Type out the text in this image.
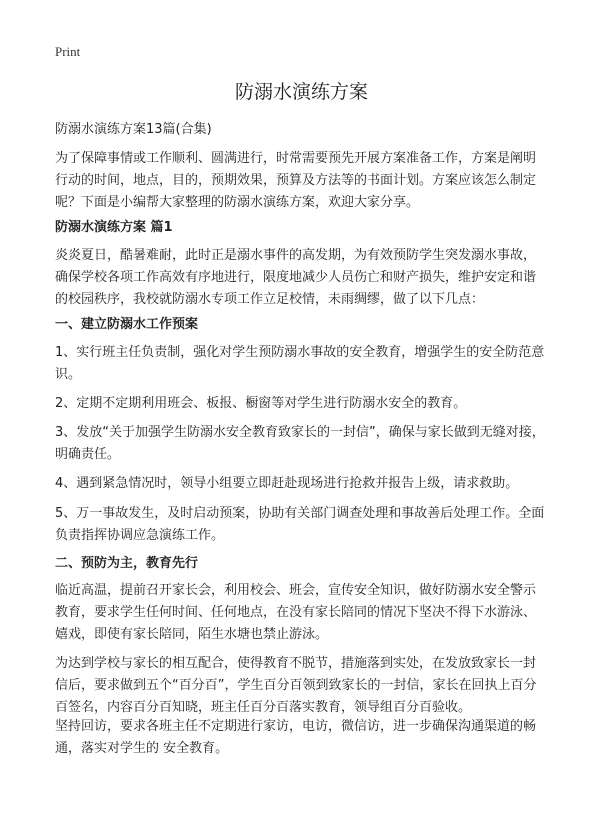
Print
防溺水演练方案
防溺水演练方案13篇(合集)

为了保障事情或工作顺利、圆满进行，时常需要预先开展方案准备工作，方案是阐明行动的时间，地点，目的，预期效果，预算及方法等的书面计划。方案应该怎么制定呢？下面是小编帮大家整理的防溺水演练方案，欢迎大家分享。

防溺水演练方案 篇1

炎炎夏日，酷暑难耐，此时正是溺水事件的高发期，为有效预防学生突发溺水事故，确保学校各项工作高效有序地进行，限度地减少人员伤亡和财产损失，维护安定和谐的校园秩序，我校就防溺水专项工作立足校情，未雨绸缪，做了以下几点：

一、建立防溺水工作预案

1、实行班主任负责制，强化对学生预防溺水事故的安全教育，增强学生的安全防范意识。

2、定期不定期利用班会、板报、橱窗等对学生进行防溺水安全的教育。

3、发放“关于加强学生防溺水安全教育致家长的一封信”，确保与家长做到无缝对接，明确责任。

4、遇到紧急情况时，领导小组要立即赶赴现场进行抢救并报告上级，请求救助。

5、万一事故发生，及时启动预案，协助有关部门调查处理和事故善后处理工作。全面负责指挥协调应急演练工作。

二、预防为主，教育先行

临近高温，提前召开家长会，利用校会、班会，宣传安全知识，做好防溺水安全警示教育，要求学生任何时间、任何地点，在没有家长陪同的情况下坚决不得下水游泳、嬉戏，即使有家长陪同，陌生水塘也禁止游泳。

为达到学校与家长的相互配合，使得教育不脱节，措施落到实处，在发放致家长一封信后，要求做到五个“百分百”，学生百分百领到致家长的一封信，家长在回执上百分百签名，内容百分百知晓，班主任百分百落实教育，领导组百分百验收。

坚持回访，要求各班主任不定期进行家访，电访，微信访，进一步确保沟通渠道的畅通，落实对学生的 安全教育。
